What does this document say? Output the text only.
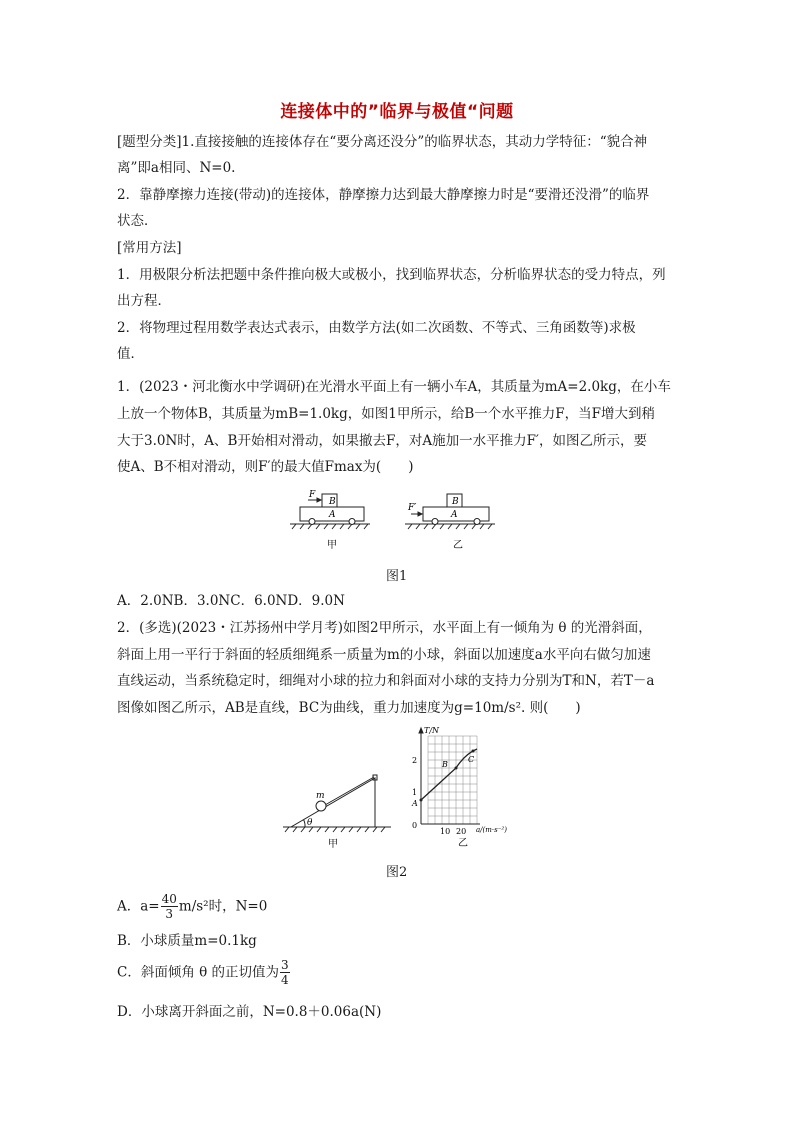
连接体中的”临界与极值“问题
[题型分类]1.直接接触的连接体存在“要分离还没分”的临界状态，其动力学特征：“貌合神
离”即a相同、N=0.
2．靠静摩擦力连接(带动)的连接体，静摩擦力达到最大静摩擦力时是“要滑还没滑”的临界
状态．
[常用方法]
1．用极限分析法把题中条件推向极大或极小，找到临界状态，分析临界状态的受力特点，列
出方程．
2．将物理过程用数学表达式表示，由数学方法(如二次函数、不等式、三角函数等)求极
值．
1．(2023・河北衡水中学调研)在光滑水平面上有一辆小车A，其质量为mA=2.0kg，在小车
上放一个物体B，其质量为mB=1.0kg，如图1甲所示，给B一个水平推力F，当F增大到稍
大于3.0N时，A、B开始相对滑动，如果撤去F，对A施加一水平推力F′，如图乙所示，要
使A、B不相对滑动，则F′的最大值Fmax为(　　)
F
B
A
甲
F′
B
A
乙
图1
A．2.0NB．3.0NC．6.0ND．9.0N
2．(多选)(2023・江苏扬州中学月考)如图2甲所示，水平面上有一倾角为 θ 的光滑斜面，
斜面上用一平行于斜面的轻质细绳系一质量为m的小球，斜面以加速度a水平向右做匀加速
直线运动，当系统稳定时，细绳对小球的拉力和斜面对小球的支持力分别为T和N，若T－a
图像如图乙所示，AB是直线，BC为曲线，重力加速度为g=10m/s². 则(　　)
m
θ
甲
T/N
2
1
A
0
B
C
10 20 a/(m·s⁻²)
乙
图2
A．$a= \frac{40}{3} m/s^2$时，N=0
B．小球质量m=0.1kg
C．斜面倾角 θ 的正切值为 $\frac{3}{4}$
D．小球离开斜面之前，N=0.8＋0.06a(N)
